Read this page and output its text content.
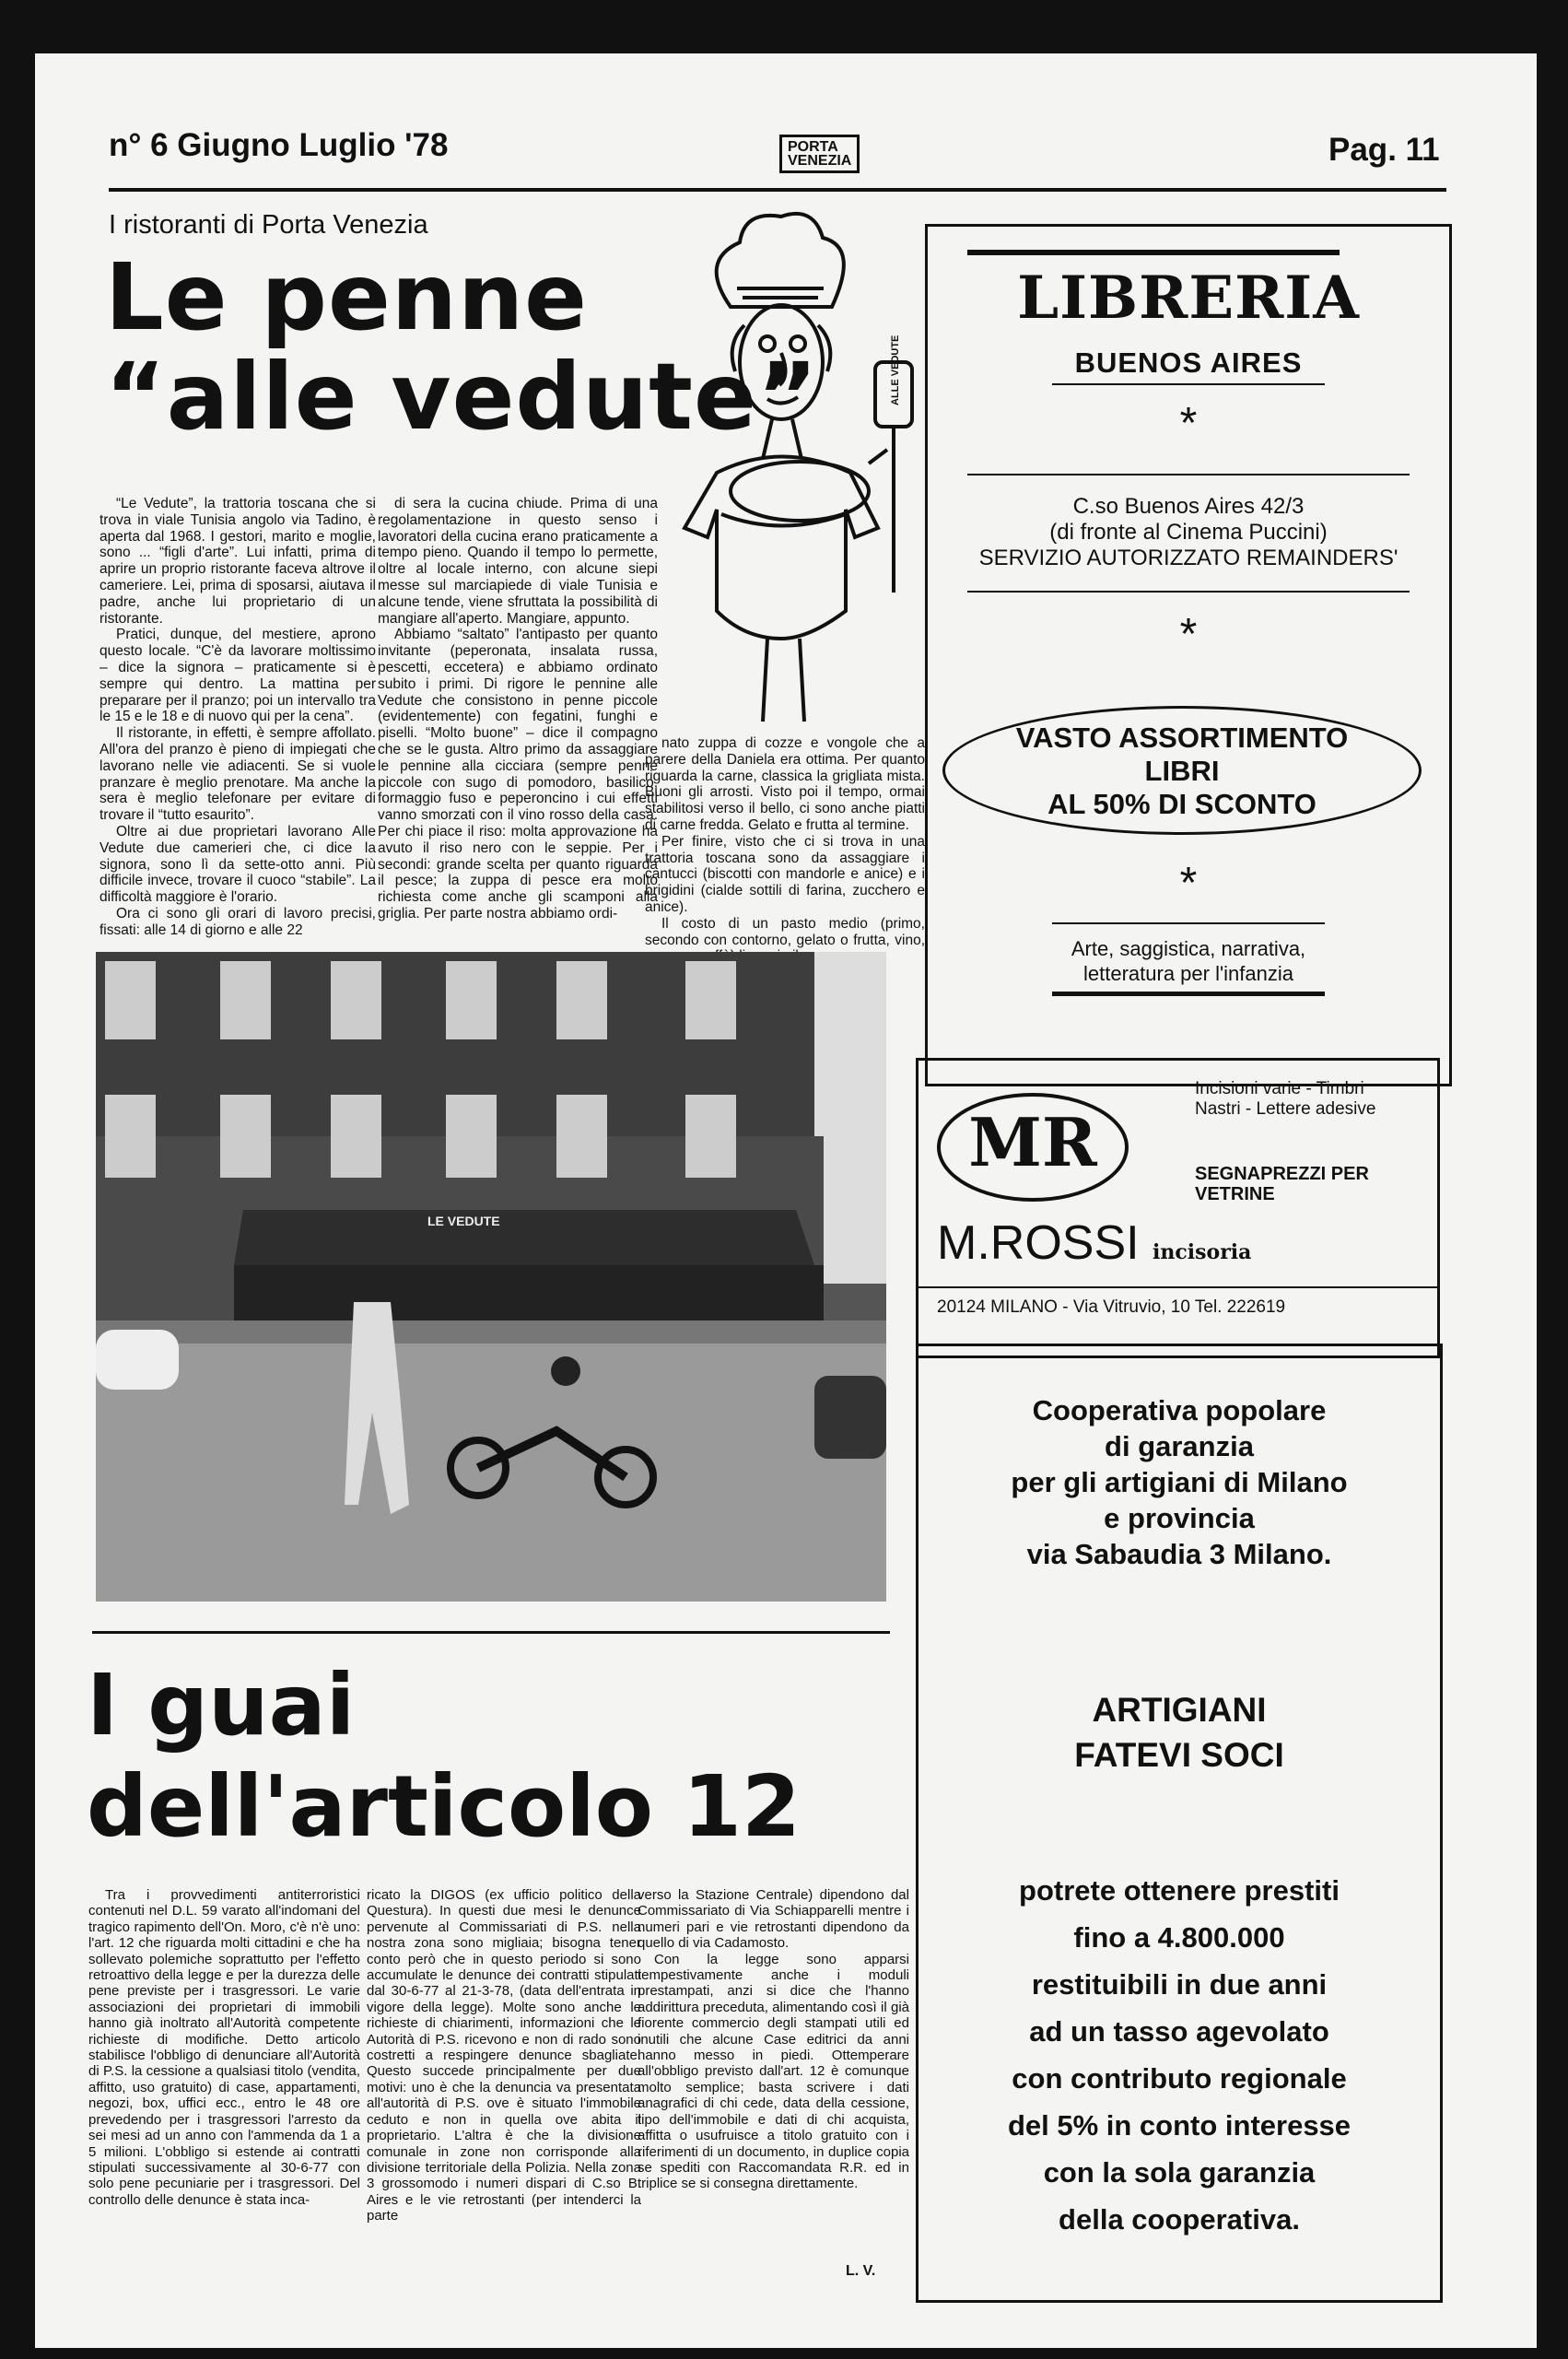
n° 6 Giugno Luglio '78	PORTA
VENEZIA	Pag. 11
I ristoranti di Porta Venezia
Le penne
“alle vedute”	ALLE VEDUTE

“Le Vedute”, la trattoria toscana che si trova in viale Tunisia angolo via Tadino, è aperta dal 1968. I gestori, marito e moglie, sono ... “figli d'arte”. Lui infatti, prima di aprire un proprio ristorante faceva altrove il cameriere. Lei, prima di sposarsi, aiutava il padre, anche lui proprietario di un ristorante.

Pratici, dunque, del mestiere, aprono questo locale. “C'è da lavorare moltissimo – dice la signora – praticamente si è sempre qui dentro. La mattina per preparare per il pranzo; poi un intervallo tra le 15 e le 18 e di nuovo qui per la cena”.

Il ristorante, in effetti, è sempre affollato. All'ora del pranzo è pieno di impiegati che lavorano nelle vie adiacenti. Se si vuole pranzare è meglio prenotare. Ma anche la sera è meglio telefonare per evitare di trovare il “tutto esaurito”.

Oltre ai due proprietari lavorano Alle Vedute due camerieri che, ci dice la signora, sono lì da sette-otto anni. Più difficile invece, trovare il cuoco “stabile”. La difficoltà maggiore è l'orario.

Ora ci sono gli orari di lavoro precisi, fissati: alle 14 di giorno e alle 22

di sera la cucina chiude. Prima di una regolamentazione in questo senso i lavoratori della cucina erano praticamente a tempo pieno. Quando il tempo lo permette, oltre al locale interno, con alcune siepi messe sul marciapiede di viale Tunisia e alcune tende, viene sfruttata la possibilità di mangiare all'aperto. Mangiare, appunto.

Abbiamo “saltato” l'antipasto per quanto invitante (peperonata, insalata russa, pescetti, eccetera) e abbiamo ordinato subito i primi. Di rigore le pennine alle Vedute che consistono in penne piccole (evidentemente) con fegatini, funghi e piselli. “Molto buone” – dice il compagno che se le gusta. Altro primo da assaggiare le pennine alla cicciara (sempre penne piccole con sugo di pomodoro, basilico, formaggio fuso e peperoncino i cui effetti vanno smorzati con il vino rosso della casa. Per chi piace il riso: molta approvazione ha avuto il riso nero con le seppie. Per i secondi: grande scelta per quanto riguarda il pesce; la zuppa di pesce era molto richiesta come anche gli scamponi alla griglia. Per parte nostra abbiamo ordi-

nato zuppa di cozze e vongole che a parere della Daniela era ottima. Per quanto riguarda la carne, classica la grigliata mista. Buoni gli arrosti. Visto poi il tempo, ormai stabilitosi verso il bello, ci sono anche piatti di carne fredda. Gelato e frutta al termine.

Per finire, visto che ci si trova in una trattoria toscana sono da assaggiare i cantucci (biscotti con mandorle e anice) e i brigidini (cialde sottili di farina, zucchero e anice).

Il costo di un pasto medio (primo, secondo con contorno, gelato o frutta, vino,

LE VEDUTE
LIBRERIA
BUENOS AIRES
*
C.so Buenos Aires 42/3
(di fronte al Cinema Puccini)
SERVIZIO AUTORIZZATO REMAINDERS'
*
VASTO ASSORTIMENTO
LIBRI
AL 50% DI SCONTO
*
Arte, saggistica, narrativa,
letteratura per l'infanzia
MR
Incisioni varie - Timbri
Nastri - Lettere adesive
SEGNAPREZZI PER
VETRINE
M.ROSSI incisoria
20124 MILANO - Via Vitruvio, 10 Tel. 222619
Cooperativa popolare
di garanzia
per gli artigiani di Milano
e provincia
via Sabaudia 3 Milano.
ARTIGIANI
FATEVI SOCI
potrete ottenere prestiti
fino a 4.800.000
restituibili in due anni
ad un tasso agevolato
con contributo regionale
del 5% in conto interesse
con la sola garanzia
della cooperativa.
I guai
dell'articolo 12

Tra i provvedimenti antiterroristici contenuti nel D.L. 59 varato all'indomani del tragico rapimento dell'On. Moro, c'è n'è uno: l'art. 12 che riguarda molti cittadini e che ha sollevato polemiche soprattutto per l'effetto retroattivo della legge e per la durezza delle pene previste per i trasgressori. Le varie associazioni dei proprietari di immobili hanno già inoltrato all'Autorità competente richieste di modifiche. Detto articolo stabilisce l'obbligo di denunciare all'Autorità di P.S. la cessione a qualsiasi titolo (vendita, affitto, uso gratuito) di case, appartamenti, negozi, box, uffici ecc., entro le 48 ore prevedendo per i trasgressori l'arresto da sei mesi ad un anno con l'ammenda da 1 a 5 milioni. L'obbligo si estende ai contratti stipulati successivamente al 30-6-77 con solo pene pecuniarie per i trasgressori. Del controllo delle denunce è stata inca-

ricato la DIGOS (ex ufficio politico della Questura). In questi due mesi le denunce pervenute al Commissariati di P.S. nella nostra zona sono migliaia; bisogna tener conto però che in questo periodo si sono accumulate le denunce dei contratti stipulati dal 30-6-77 al 21-3-78, (data dell'entrata in vigore della legge). Molte sono anche le richieste di chiarimenti, informazioni che le Autorità di P.S. ricevono e non di rado sono costretti a respingere denunce sbagliate. Questo succede principalmente per due motivi: uno è che la denuncia va presentata all'autorità di P.S. ove è situato l'immobile ceduto e non in quella ove abita il proprietario. L'altra è che la divisione comunale in zone non corrisponde alla divisione territoriale della Polizia. Nella zona 3 grossomodo i numeri dispari di C.so B. Aires e le vie retrostanti (per intenderci la parte

verso la Stazione Centrale) dipendono dal Commissariato di Via Schiapparelli mentre i numeri pari e vie retrostanti dipendono da quello di via Cadamosto.

Con la legge sono apparsi tempestivamente anche i moduli prestampati, anzi si dice che l'hanno addirittura preceduta, alimentando così il già fiorente commercio degli stampati utili ed inutili che alcune Case editrici da anni hanno messo in piedi. Ottemperare all'obbligo previsto dall'art. 12 è comunque molto semplice; basta scrivere i dati anagrafici di chi cede, data della cessione, tipo dell'immobile e dati di chi acquista, affitta o usufruisce a titolo gratuito con i riferimenti di un documento, in duplice copia se spediti con Raccomandata R.R. ed in triplice se si consegna direttamente.

L. V.
